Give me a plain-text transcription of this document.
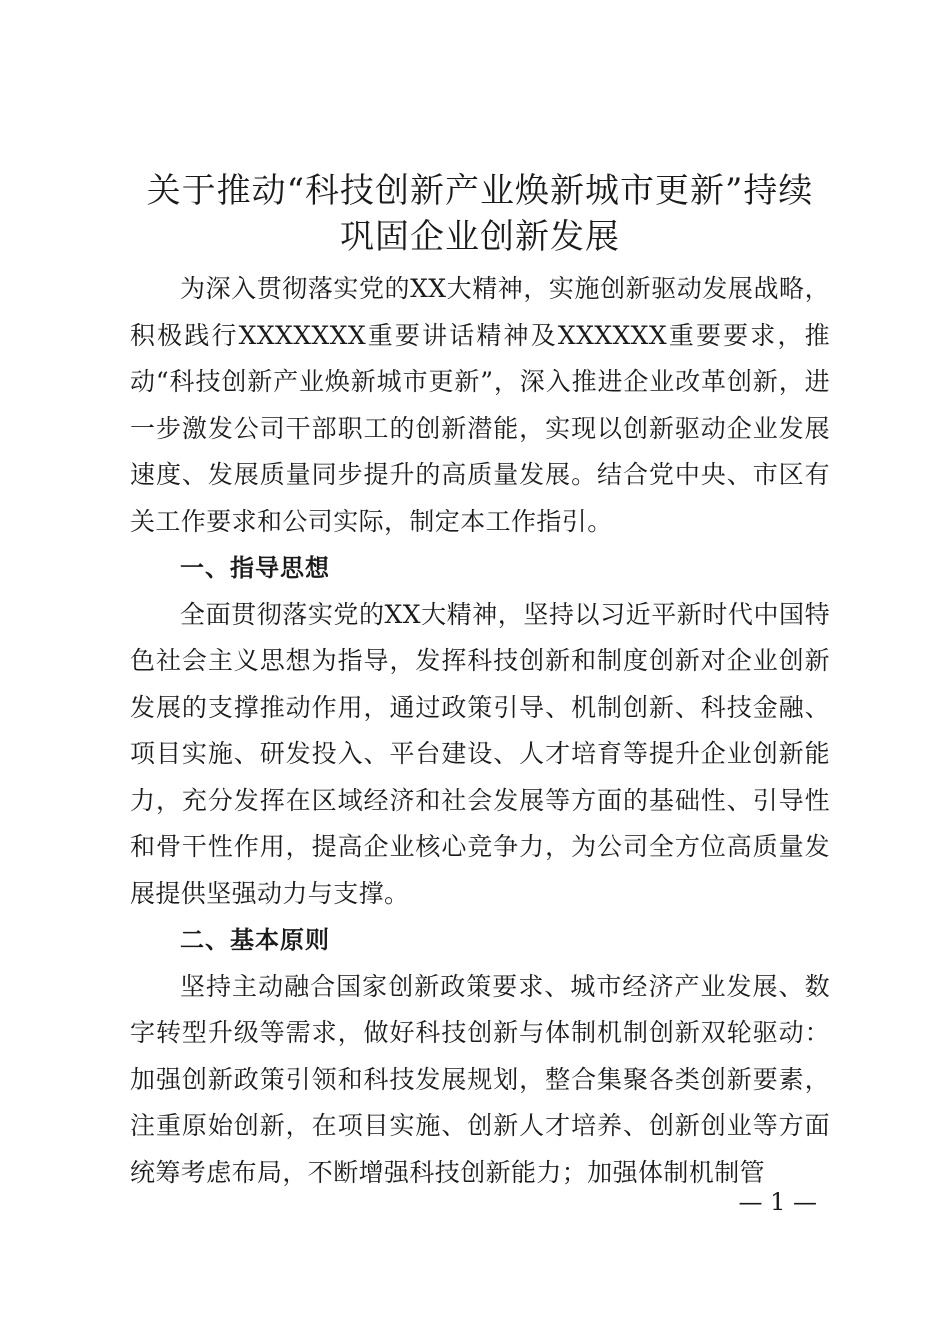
关于推动“科技创新产业焕新城市更新”持续
巩固企业创新发展

为深入贯彻落实党的XX大精神，实施创新驱动发展战略，积极践行XXXXXXX重要讲话精神及XXXXXX重要要求，推动“科技创新产业焕新城市更新”，深入推进企业改革创新，进一步激发公司干部职工的创新潜能，实现以创新驱动企业发展速度、发展质量同步提升的高质量发展。结合党中央、市区有关工作要求和公司实际，制定本工作指引。

一、指导思想

全面贯彻落实党的XX大精神，坚持以习近平新时代中国特色社会主义思想为指导，发挥科技创新和制度创新对企业创新发展的支撑推动作用，通过政策引导、机制创新、科技金融、项目实施、研发投入、平台建设、人才培育等提升企业创新能力，充分发挥在区域经济和社会发展等方面的基础性、引导性和骨干性作用，提高企业核心竞争力，为公司全方位高质量发展提供坚强动力与支撑。

二、基本原则

坚持主动融合国家创新政策要求、城市经济产业发展、数字转型升级等需求，做好科技创新与体制机制创新双轮驱动：加强创新政策引领和科技发展规划，整合集聚各类创新要素，注重原始创新，在项目实施、创新人才培养、创新创业等方面统筹考虑布局，不断增强科技创新能力；加强体制机制管

— 1 —
